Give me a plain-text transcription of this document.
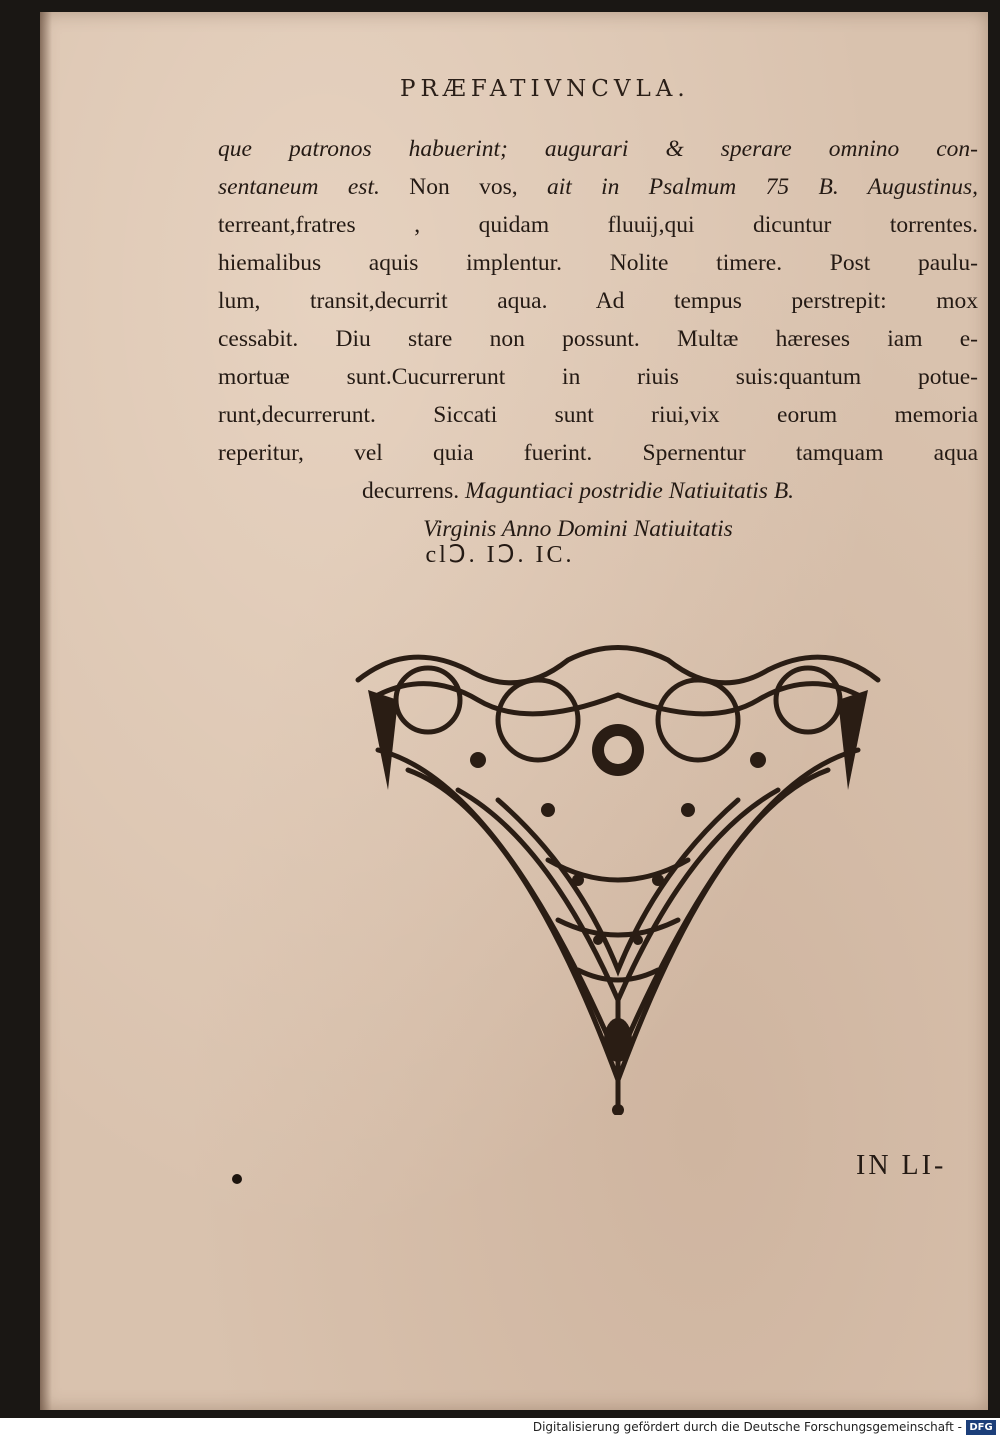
PRÆFATIVNCVLA.
que patronos habuerint; augurari & sperare omnino con-
sentaneum est. Non vos, ait in Psalmum 75 B. Augustinus,
terreant,fratres , quidam fluuij,qui dicuntur torrentes.
hiemalibus aquis implentur. Nolite timere. Post paulu-
lum, transit,decurrit aqua. Ad tempus perstrepit: mox
cessabit. Diu stare non possunt. Multæ hæreses iam e-
mortuæ sunt.Cucurrerunt in riuis suis:quantum potue-
runt,decurrerunt. Siccati sunt riui,vix eorum memoria
reperitur, vel quia fuerint. Spernentur tamquam aqua
decurrens. Maguntiaci postridie Natiuitatis B.
Virginis Anno Domini Natiuitatis
clↃ. IↃ. IC.
IN LI-
Digitalisierung gefördert durch die Deutsche Forschungsgemeinschaft - DFG
